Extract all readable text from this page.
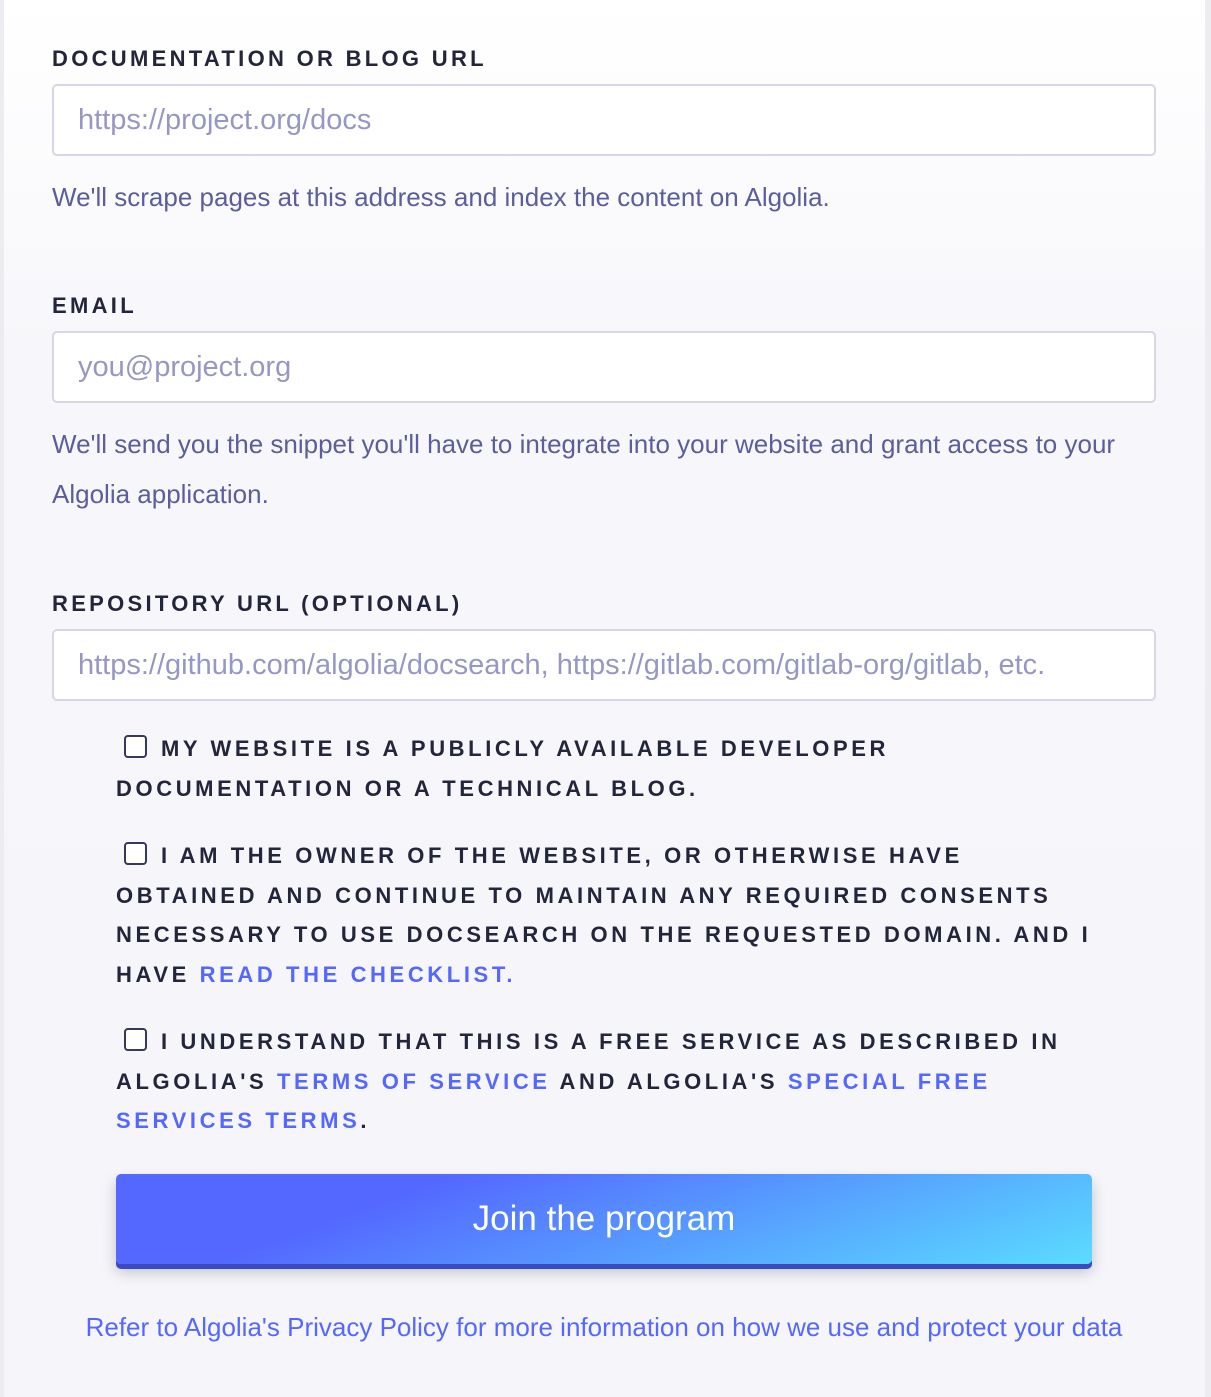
DOCUMENTATION OR BLOG URL
https://project.org/docs
We'll scrape pages at this address and index the content on Algolia.
EMAIL
you@project.org
We'll send you the snippet you'll have to integrate into your website and grant access to your Algolia application.
REPOSITORY URL (OPTIONAL)
https://github.com/algolia/docsearch, https://gitlab.com/gitlab-org/gitlab, etc.
MY WEBSITE IS A PUBLICLY AVAILABLE DEVELOPER DOCUMENTATION OR A TECHNICAL BLOG.
I AM THE OWNER OF THE WEBSITE, OR OTHERWISE HAVE OBTAINED AND CONTINUE TO MAINTAIN ANY REQUIRED CONSENTS NECESSARY TO USE DOCSEARCH ON THE REQUESTED DOMAIN. AND I HAVE READ THE CHECKLIST.
I UNDERSTAND THAT THIS IS A FREE SERVICE AS DESCRIBED IN ALGOLIA'S TERMS OF SERVICE AND ALGOLIA'S SPECIAL FREE SERVICES TERMS.
Join the program
Refer to Algolia's Privacy Policy for more information on how we use and protect your data
